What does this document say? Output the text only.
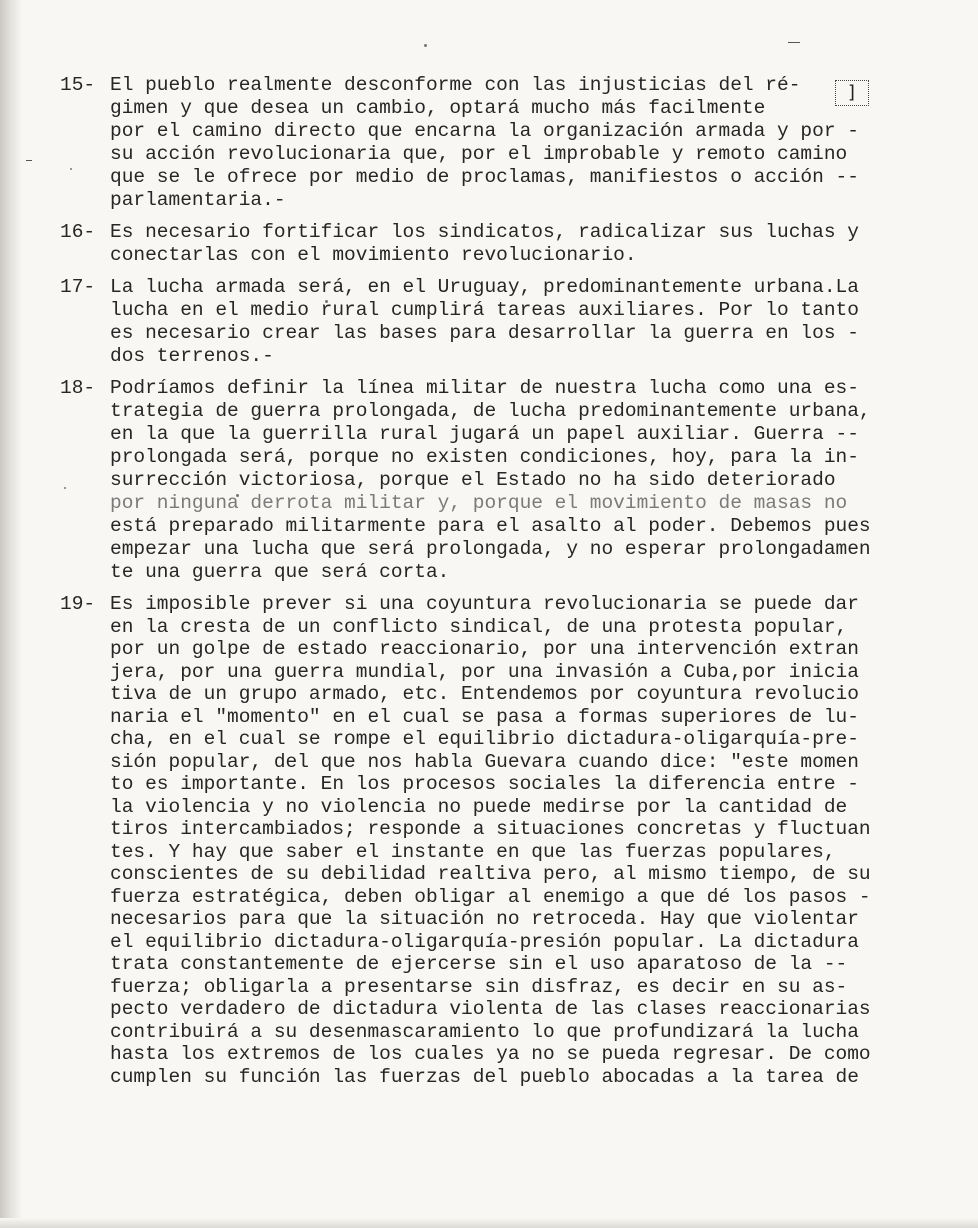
]
15- El pueblo realmente desconforme con las injusticias del ré-
gimen y que desea un cambio, optará mucho más facilmente
por el camino directo que encarna la organización armada y por -
su acción revolucionaria que, por el improbable y remoto camino
que se le ofrece por medio de proclamas, manifiestos o acción --
parlamentaria.-
16- Es necesario fortificar los sindicatos, radicalizar sus luchas y
conectarlas con el movimiento revolucionario.
17- La lucha armada será, en el Uruguay, predominantemente urbana.La
lucha en el medio rural cumplirá tareas auxiliares. Por lo tanto
es necesario crear las bases para desarrollar la guerra en los -
dos terrenos.-
18- Podríamos definir la línea militar de nuestra lucha como una es-
trategia de guerra prolongada, de lucha predominantemente urbana,
en la que la guerrilla rural jugará un papel auxiliar. Guerra --
prolongada será, porque no existen condiciones, hoy, para la in-
surrección victoriosa, porque el Estado no ha sido deteriorado
por ninguna derrota militar y, porque el movimiento de masas no
está preparado militarmente para el asalto al poder. Debemos pues
empezar una lucha que será prolongada, y no esperar prolongadamen
te una guerra que será corta.
19- Es imposible prever si una coyuntura revolucionaria se puede dar
en la cresta de un conflicto sindical, de una protesta popular,
por un golpe de estado reaccionario, por una intervención extran
jera, por una guerra mundial, por una invasión a Cuba,por inicia
tiva de un grupo armado, etc. Entendemos por coyuntura revolucio
naria el "momento" en el cual se pasa a formas superiores de lu-
cha, en el cual se rompe el equilibrio dictadura-oligarquía-pre-
sión popular, del que nos habla Guevara cuando dice: "este momen
to es importante. En los procesos sociales la diferencia entre -
la violencia y no violencia no puede medirse por la cantidad de
tiros intercambiados; responde a situaciones concretas y fluctuan
tes. Y hay que saber el instante en que las fuerzas populares,
conscientes de su debilidad realtiva pero, al mismo tiempo, de su
fuerza estratégica, deben obligar al enemigo a que dé los pasos -
necesarios para que la situación no retroceda. Hay que violentar
el equilibrio dictadura-oligarquía-presión popular. La dictadura
trata constantemente de ejercerse sin el uso aparatoso de la --
fuerza; obligarla a presentarse sin disfraz, es decir en su as-
pecto verdadero de dictadura violenta de las clases reaccionarias
contribuirá a su desenmascaramiento lo que profundizará la lucha
hasta los extremos de los cuales ya no se pueda regresar. De como
cumplen su función las fuerzas del pueblo abocadas a la tarea de
